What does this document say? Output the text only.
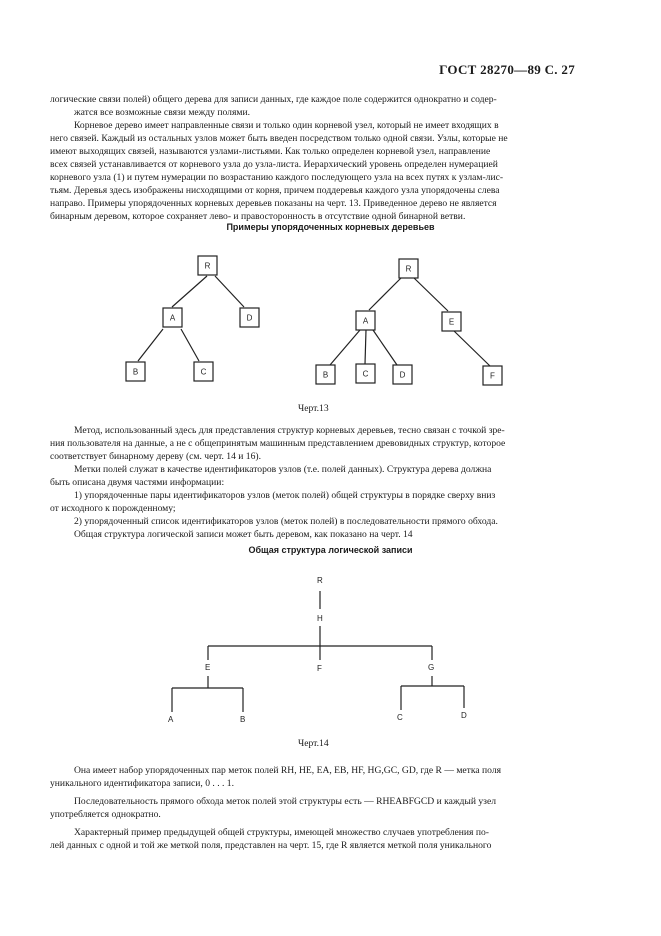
ГОСТ 28270—89 С. 27
логические связи полей) общего дерева для записи данных, где каждое поле содержится однократно и содер-
жатся все возможные связи между полями.
Корневое дерево имеет направленные связи и только один корневой узел, который не имеет входящих в
него связей. Каждый из остальных узлов может быть введен посредством только одной связи. Узлы, которые не
имеют выходящих связей, называются узлами-листьями. Как только определен корневой узел, направление
всех связей устанавливается от корневого узла до узла-листа. Иерархический уровень определен нумерацией
корневого узла (1) и путем нумерации по возрастанию каждого последующего узла на всех путях к узлам-лис-
тьям. Деревья здесь изображены нисходящими от корня, причем поддеревья каждого узла упорядочены слева
направо. Примеры упорядоченных корневых деревьев показаны на черт. 13. Приведенное дерево не является
бинарным деревом, которое сохраняет лево- и правосторонность в отсутствие одной бинарной ветви.
Примеры упорядоченных корневых деревьев
R
A	D
B	C
R
A	E
B	C	D	F
R
H
E	F	G
A	B	C	D
Черт.13
Метод, использованный здесь для представления структур корневых деревьев, тесно связан с точкой зре-
ния пользователя на данные, а не с общепринятым машинным представлением древовидных структур, которое
соответствует бинарному дереву (см. черт. 14 и 16).
Метки полей служат в качестве идентификаторов узлов (т.е. полей данных). Структура дерева должна
быть описана двумя частями информации:
1) упорядоченные пары идентификаторов узлов (меток полей) общей структуры в порядке сверху вниз
от исходного к порожденному;
2) упорядоченный список идентификаторов узлов (меток полей) в последовательности прямого обхода.
Общая структура логической записи может быть деревом, как показано на черт. 14
Общая структура логической записи
Черт.14
Она имеет набор упорядоченных пар меток полей RH, HE, EA, EB, HF, HG,GC, GD, где R — метка поля
уникального идентификатора записи, 0 . . . 1.
Последовательность прямого обхода меток полей этой структуры есть — RHEABFGCD и каждый узел
употребляется однократно.
Характерный пример предыдущей общей структуры, имеющей множество случаев употребления по-
лей данных с одной и той же меткой поля, представлен на черт. 15, где R является меткой поля уникального
